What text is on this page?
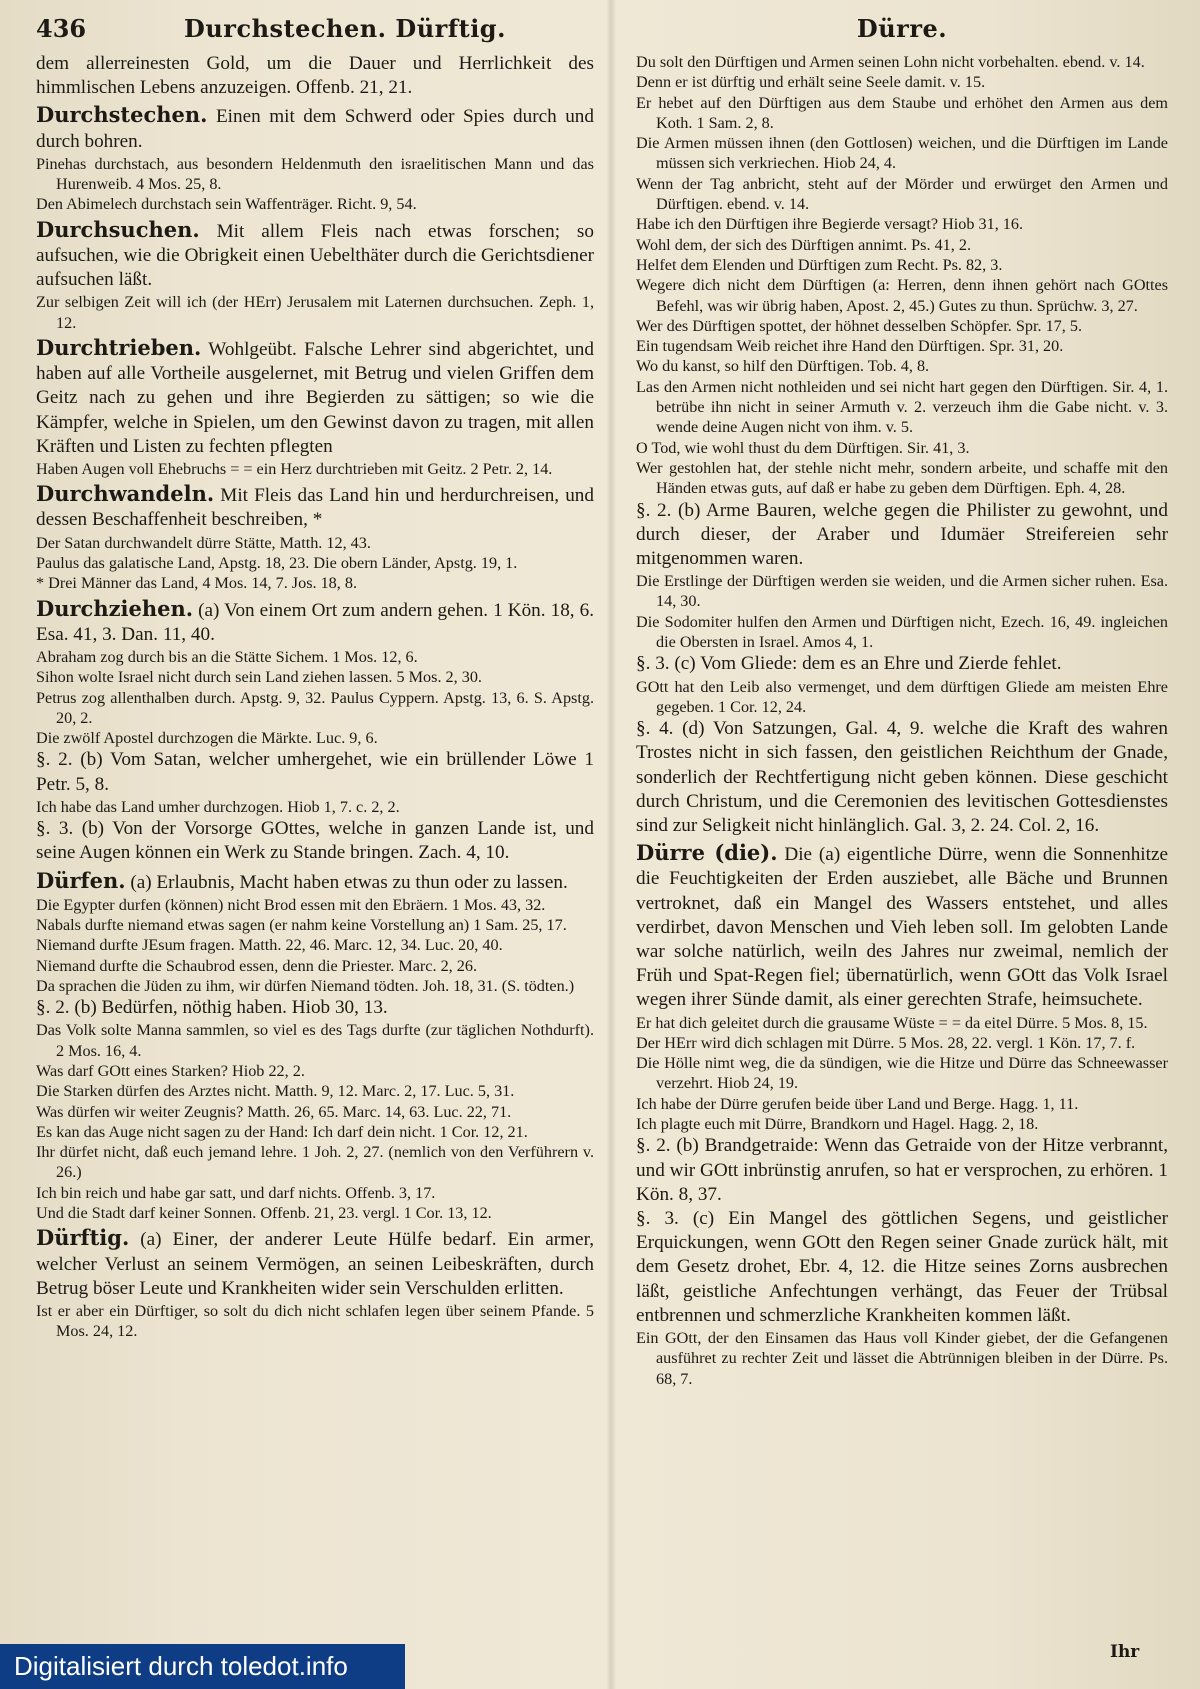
436	Durchstechen. Dürftig.

dem allerreinesten Gold, um die Dauer und Herrlichkeit des himmlischen Lebens anzuzeigen. Offenb. 21, 21.

Durchstechen. Einen mit dem Schwerd oder Spies durch und durch bohren.

Pinehas durchstach, aus besondern Heldenmuth den israelitischen Mann und das Hurenweib. 4 Mos. 25, 8.

Den Abimelech durchstach sein Waffenträger. Richt. 9, 54.

Durchsuchen. Mit allem Fleis nach etwas forschen; so aufsuchen, wie die Obrigkeit einen Uebelthäter durch die Gerichtsdiener aufsuchen läßt.

Zur selbigen Zeit will ich (der HErr) Jerusalem mit Laternen durchsuchen. Zeph. 1, 12.

Durchtrieben. Wohlgeübt. Falsche Lehrer sind abgerichtet, und haben auf alle Vortheile ausgelernet, mit Betrug und vielen Griffen dem Geitz nach zu gehen und ihre Begierden zu sättigen; so wie die Kämpfer, welche in Spielen, um den Gewinst davon zu tragen, mit allen Kräften und Listen zu fechten pflegten

Haben Augen voll Ehebruchs = = ein Herz durchtrieben mit Geitz. 2 Petr. 2, 14.

Durchwandeln. Mit Fleis das Land hin und herdurchreisen, und dessen Beschaffenheit beschreiben, *

Der Satan durchwandelt dürre Stätte, Matth. 12, 43.

Paulus das galatische Land, Apstg. 18, 23. Die obern Länder, Apstg. 19, 1.

* Drei Männer das Land, 4 Mos. 14, 7. Jos. 18, 8.

Durchziehen. (a) Von einem Ort zum andern gehen. 1 Kön. 18, 6. Esa. 41, 3. Dan. 11, 40.

Abraham zog durch bis an die Stätte Sichem. 1 Mos. 12, 6.

Sihon wolte Israel nicht durch sein Land ziehen lassen. 5 Mos. 2, 30.

Petrus zog allenthalben durch. Apstg. 9, 32. Paulus Cyppern. Apstg. 13, 6. S. Apstg. 20, 2.

Die zwölf Apostel durchzogen die Märkte. Luc. 9, 6.

§. 2. (b) Vom Satan, welcher umhergehet, wie ein brüllender Löwe 1 Petr. 5, 8.

Ich habe das Land umher durchzogen. Hiob 1, 7. c. 2, 2.

§. 3. (b) Von der Vorsorge GOttes, welche in ganzen Lande ist, und seine Augen können ein Werk zu Stande bringen. Zach. 4, 10.

Dürfen. (a) Erlaubnis, Macht haben etwas zu thun oder zu lassen.

Die Egypter durfen (können) nicht Brod essen mit den Ebräern. 1 Mos. 43, 32.

Nabals durfte niemand etwas sagen (er nahm keine Vorstellung an) 1 Sam. 25, 17.

Niemand durfte JEsum fragen. Matth. 22, 46. Marc. 12, 34. Luc. 20, 40.

Niemand durfte die Schaubrod essen, denn die Priester. Marc. 2, 26.

Da sprachen die Jüden zu ihm, wir dürfen Niemand tödten. Joh. 18, 31. (S. tödten.)

§. 2. (b) Bedürfen, nöthig haben. Hiob 30, 13.

Das Volk solte Manna sammlen, so viel es des Tags durfte (zur täglichen Nothdurft). 2 Mos. 16, 4.

Was darf GOtt eines Starken? Hiob 22, 2.

Die Starken dürfen des Arztes nicht. Matth. 9, 12. Marc. 2, 17. Luc. 5, 31.

Was dürfen wir weiter Zeugnis? Matth. 26, 65. Marc. 14, 63. Luc. 22, 71.

Es kan das Auge nicht sagen zu der Hand: Ich darf dein nicht. 1 Cor. 12, 21.

Ihr dürfet nicht, daß euch jemand lehre. 1 Joh. 2, 27. (nemlich von den Verführern v. 26.)

Ich bin reich und habe gar satt, und darf nichts. Offenb. 3, 17.

Und die Stadt darf keiner Sonnen. Offenb. 21, 23. vergl. 1 Cor. 13, 12.

Dürftig. (a) Einer, der anderer Leute Hülfe bedarf. Ein armer, welcher Verlust an seinem Vermögen, an seinen Leibeskräften, durch Betrug böser Leute und Krankheiten wider sein Verschulden erlitten.

Ist er aber ein Dürftiger, so solt du dich nicht schlafen legen über seinem Pfande. 5 Mos. 24, 12.

Dürre.

Du solt den Dürftigen und Armen seinen Lohn nicht vorbehalten. ebend. v. 14.

Denn er ist dürftig und erhält seine Seele damit. v. 15.

Er hebet auf den Dürftigen aus dem Staube und erhöhet den Armen aus dem Koth. 1 Sam. 2, 8.

Die Armen müssen ihnen (den Gottlosen) weichen, und die Dürftigen im Lande müssen sich verkriechen. Hiob 24, 4.

Wenn der Tag anbricht, steht auf der Mörder und erwürget den Armen und Dürftigen. ebend. v. 14.

Habe ich den Dürftigen ihre Begierde versagt? Hiob 31, 16.

Wohl dem, der sich des Dürftigen annimt. Ps. 41, 2.

Helfet dem Elenden und Dürftigen zum Recht. Ps. 82, 3.

Wegere dich nicht dem Dürftigen (a: Herren, denn ihnen gehört nach GOttes Befehl, was wir übrig haben, Apost. 2, 45.) Gutes zu thun. Sprüchw. 3, 27.

Wer des Dürftigen spottet, der höhnet desselben Schöpfer. Spr. 17, 5.

Ein tugendsam Weib reichet ihre Hand den Dürftigen. Spr. 31, 20.

Wo du kanst, so hilf den Dürftigen. Tob. 4, 8.

Las den Armen nicht nothleiden und sei nicht hart gegen den Dürftigen. Sir. 4, 1. betrübe ihn nicht in seiner Armuth v. 2. verzeuch ihm die Gabe nicht. v. 3. wende deine Augen nicht von ihm. v. 5.

O Tod, wie wohl thust du dem Dürftigen. Sir. 41, 3.

Wer gestohlen hat, der stehle nicht mehr, sondern arbeite, und schaffe mit den Händen etwas guts, auf daß er habe zu geben dem Dürftigen. Eph. 4, 28.

§. 2. (b) Arme Bauren, welche gegen die Philister zu gewohnt, und durch dieser, der Araber und Idumäer Streifereien sehr mitgenommen waren.

Die Erstlinge der Dürftigen werden sie weiden, und die Armen sicher ruhen. Esa. 14, 30.

Die Sodomiter hulfen den Armen und Dürftigen nicht, Ezech. 16, 49. ingleichen die Obersten in Israel. Amos 4, 1.

§. 3. (c) Vom Gliede: dem es an Ehre und Zierde fehlet.

GOtt hat den Leib also vermenget, und dem dürftigen Gliede am meisten Ehre gegeben. 1 Cor. 12, 24.

§. 4. (d) Von Satzungen, Gal. 4, 9. welche die Kraft des wahren Trostes nicht in sich fassen, den geistlichen Reichthum der Gnade, sonderlich der Rechtfertigung nicht geben können. Diese geschicht durch Christum, und die Ceremonien des levitischen Gottesdienstes sind zur Seligkeit nicht hinlänglich. Gal. 3, 2. 24. Col. 2, 16.

Dürre (die). Die (a) eigentliche Dürre, wenn die Sonnenhitze die Feuchtigkeiten der Erden ausziebet, alle Bäche und Brunnen vertroknet, daß ein Mangel des Wassers entstehet, und alles verdirbet, davon Menschen und Vieh leben soll. Im gelobten Lande war solche natürlich, weiln des Jahres nur zweimal, nemlich der Früh und Spat-Regen fiel; übernatürlich, wenn GOtt das Volk Israel wegen ihrer Sünde damit, als einer gerechten Strafe, heimsuchete.

Er hat dich geleitet durch die grausame Wüste = = da eitel Dürre. 5 Mos. 8, 15.

Der HErr wird dich schlagen mit Dürre. 5 Mos. 28, 22. vergl. 1 Kön. 17, 7. f.

Die Hölle nimt weg, die da sündigen, wie die Hitze und Dürre das Schneewasser verzehrt. Hiob 24, 19.

Ich habe der Dürre gerufen beide über Land und Berge. Hagg. 1, 11.

Ich plagte euch mit Dürre, Brandkorn und Hagel. Hagg. 2, 18.

§. 2. (b) Brandgetraide: Wenn das Getraide von der Hitze verbrannt, und wir GOtt inbrünstig anrufen, so hat er versprochen, zu erhören. 1 Kön. 8, 37.

§. 3. (c) Ein Mangel des göttlichen Segens, und geistlicher Erquickungen, wenn GOtt den Regen seiner Gnade zurück hält, mit dem Gesetz drohet, Ebr. 4, 12. die Hitze seines Zorns ausbrechen läßt, geistliche Anfechtungen verhängt, das Feuer der Trübsal entbrennen und schmerzliche Krankheiten kommen läßt.

Ein GOtt, der den Einsamen das Haus voll Kinder giebet, der die Gefangenen ausführet zu rechter Zeit und lässet die Abtrünnigen bleiben in der Dürre. Ps. 68, 7.

Ihr
Digitalisiert durch toledot.info
